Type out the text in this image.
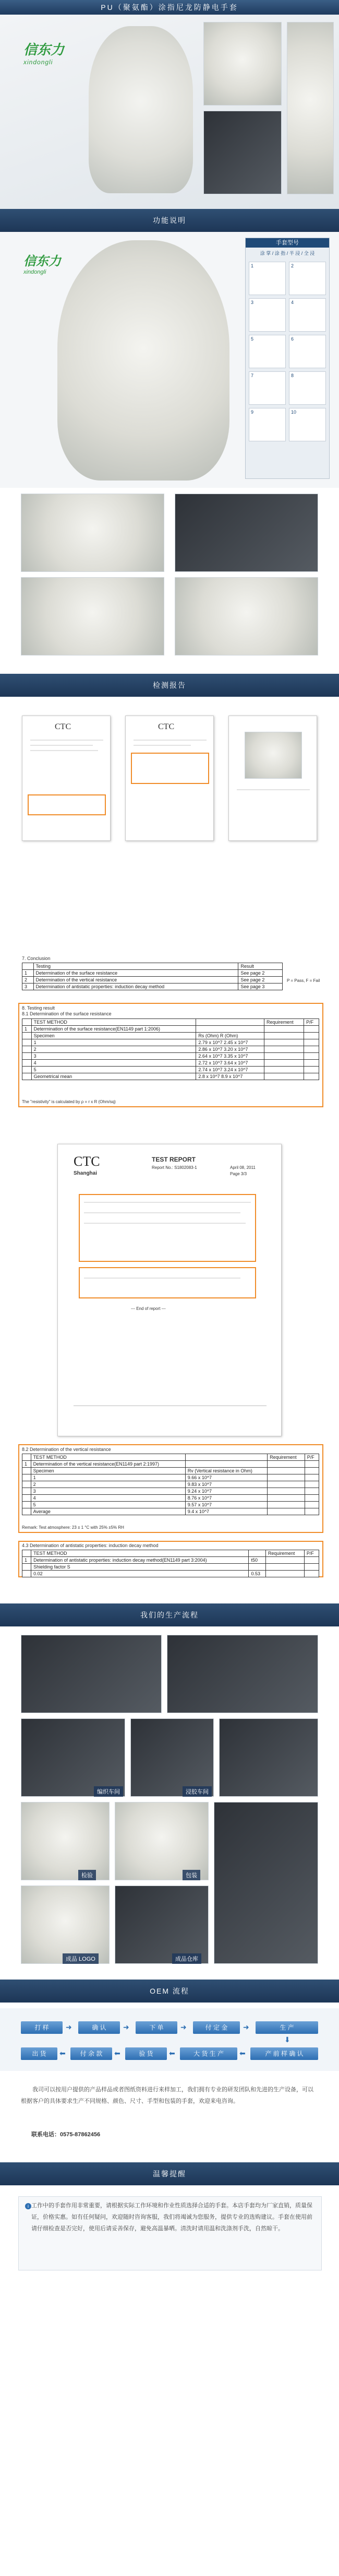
PU（聚氨酯）涂指尼龙防静电手套
信东力
xindongli
功能说明
信东力
xindongli
手套型号
涂 掌 / 涂 指 / 半 浸 / 全 浸
1	2
3	4
5	6
7	8
9	10
检测报告
CTC	CTC
7. Conclusion
	Testing	Result
1	Determination of the surface resistance	See page 2
2	Determination of the vertical resistance	See page 2
3	Determination of antistatic properties: induction decay method	See page 3
P = Pass, F = Fail
8. Testing result
8.1 Determination of the surface resistance
	TEST METHOD		Requirement	P/F
1	Determination of the surface resistance(EN1149 part 1:2006)			
	Specimen	Rs (Ohm) R (Ohm)		
	1	2.79 x 10^7 2.45 x 10^7		
	2	2.86 x 10^7 3.20 x 10^7		
	3	2.64 x 10^7 3.35 x 10^7		
	4	2.72 x 10^7 3.64 x 10^7		
	5	2.74 x 10^7 3.24 x 10^7		
	Geometrical mean	2.8 x 10^7 8.9 x 10^7		
The "resistivity" is calculated by ρ = r x R (Ohm/sq)
CTC
Shanghai
TEST REPORT
Report No.: S1802083-1	April 08, 2011
Page 3/3
--- End of report ---
8.2 Determination of the vertical resistance
	TEST METHOD		Requirement	P/F
1	Determination of the vertical resistance(EN1149 part 2:1997)			
	Specimen	Rv (Vertical resistance in Ohm)		
	1	9.66 x 10^7		
	2	9.83 x 10^7		
	3	9.24 x 10^7		
	4	8.76 x 10^7		
	5	9.57 x 10^7		
	Average	9.4 x 10^7		
Remark: Test atmosphere: 23 ± 1 °C with 25% ±5% RH
4.3 Determination of antistatic properties: induction decay method
	TEST METHOD		Requirement	P/F
1	Determination of antistatic properties: induction decay method(EN1149 part 3:2004)	t50		
	Shielding factor S			
	0.02	0.53		
我们的生产流程
编织车间	浸胶车间
检验	包装
成品 LOGO	成品仓库
OEM 流程
打 样	➜	确 认	➜	下 单	➜	付 定 金	➜	生 产
⬇
出 货	⬅	付 余 款	⬅	验 货	⬅	大 货 生 产	⬅	产 前 样 确 认
我司可以按用户提供的产品样品或者图纸资料进行来样加工，我们拥有专业的研发团队和先进的生产设备，可以根据客户的具体要求生产不同规格、颜色、尺寸、手型和包装的手套，欢迎来电咨询。
联系电话：0575-87862456
温馨提醒
i 工作中的手套作用非常重要，请根据实际工作环境和作业性质选择合适的手套。本店手套均为厂家直销，质量保证，价格实惠。如有任何疑问，欢迎随时咨询客服，我们将竭诚为您服务，提供专业的选购建议。手套在使用前请仔细检查是否完好，使用后请妥善保存，避免高温暴晒。清洗时请用温和洗涤剂手洗，自然晾干。
